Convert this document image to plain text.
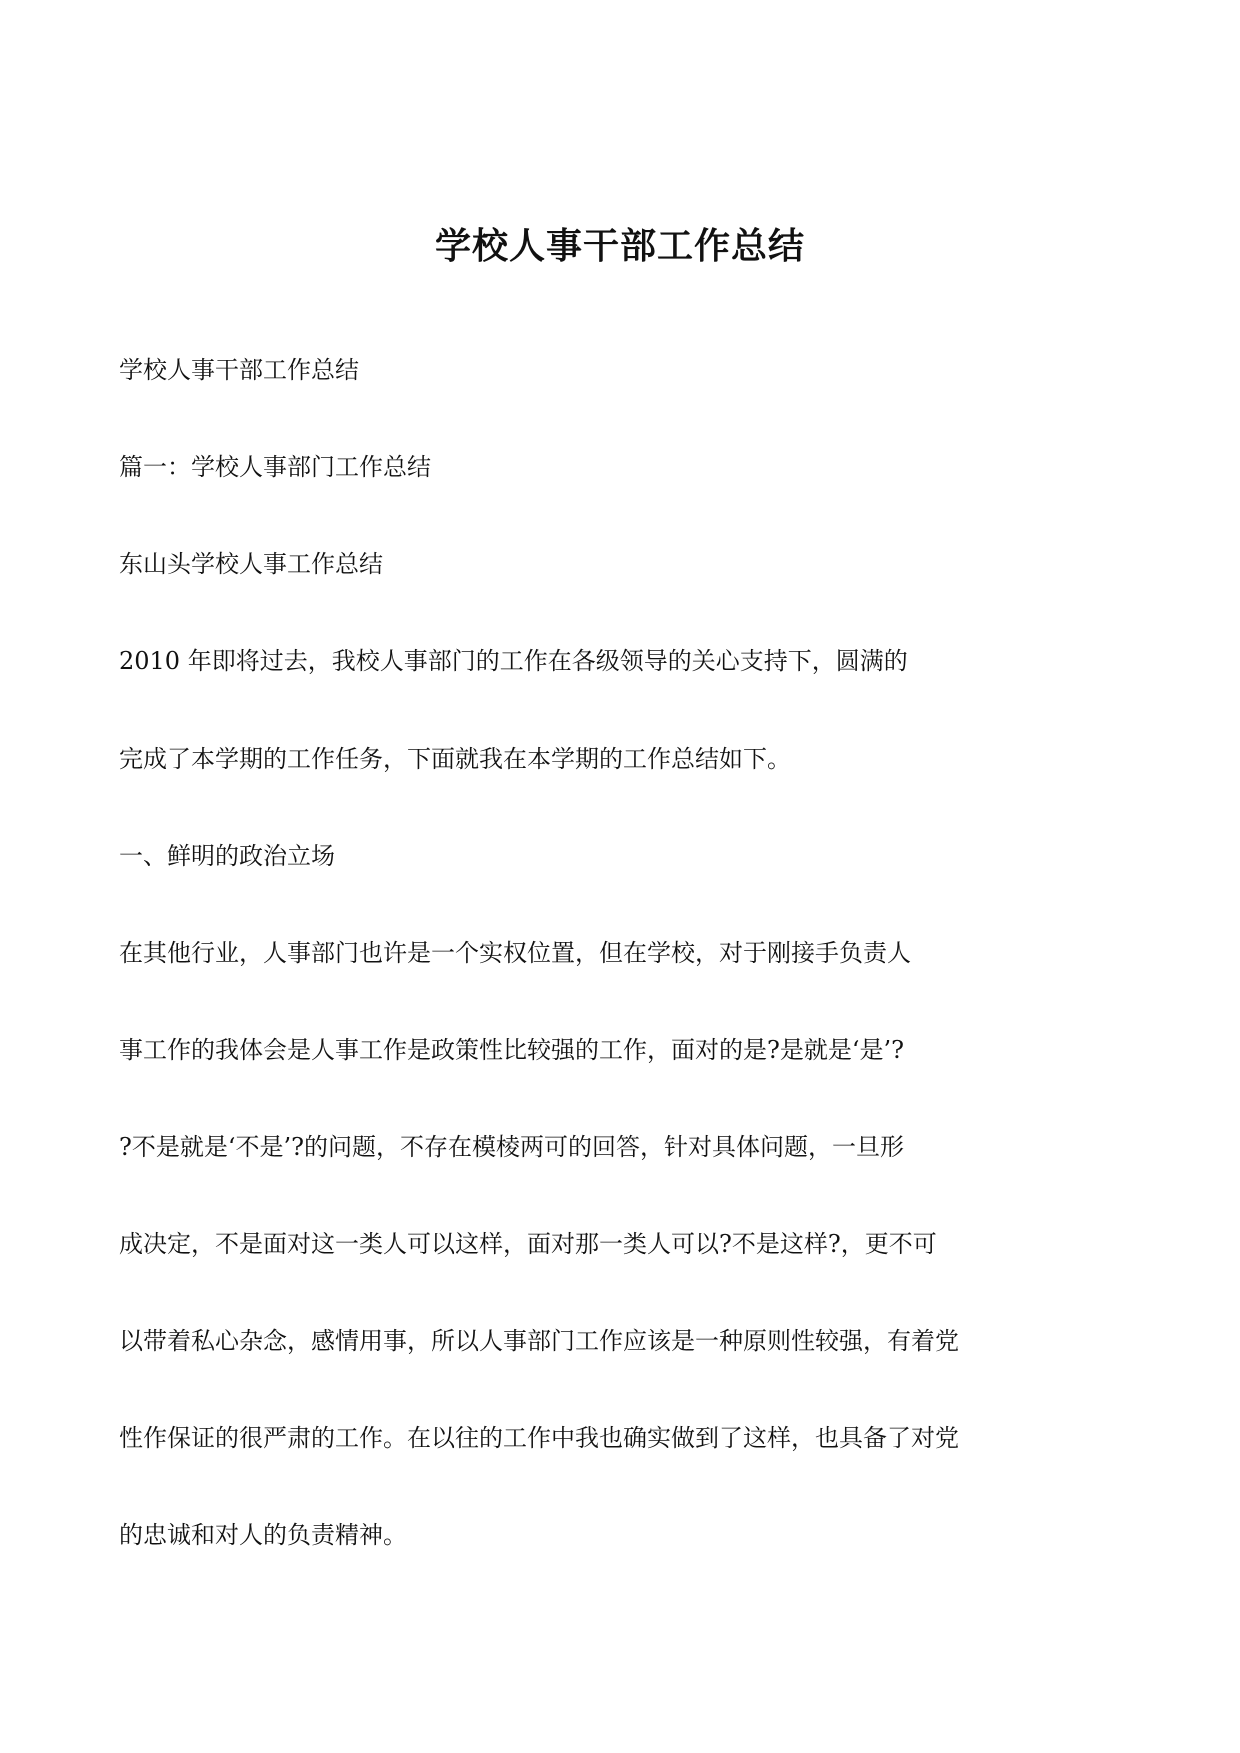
学校人事干部工作总结
学校人事干部工作总结
篇一：学校人事部门工作总结
东山头学校人事工作总结
2010 年即将过去，我校人事部门的工作在各级领导的关心支持下，圆满的
完成了本学期的工作任务，下面就我在本学期的工作总结如下。
一、鲜明的政治立场
在其他行业，人事部门也许是一个实权位置，但在学校，对于刚接手负责人
事工作的我体会是人事工作是政策性比较强的工作，面对的是?是就是‘是’?
?不是就是‘不是’?的问题，不存在模棱两可的回答，针对具体问题，一旦形
成决定，不是面对这一类人可以这样，面对那一类人可以?不是这样?，更不可
以带着私心杂念，感情用事，所以人事部门工作应该是一种原则性较强，有着党
性作保证的很严肃的工作。在以往的工作中我也确实做到了这样，也具备了对党
的忠诚和对人的负责精神。
